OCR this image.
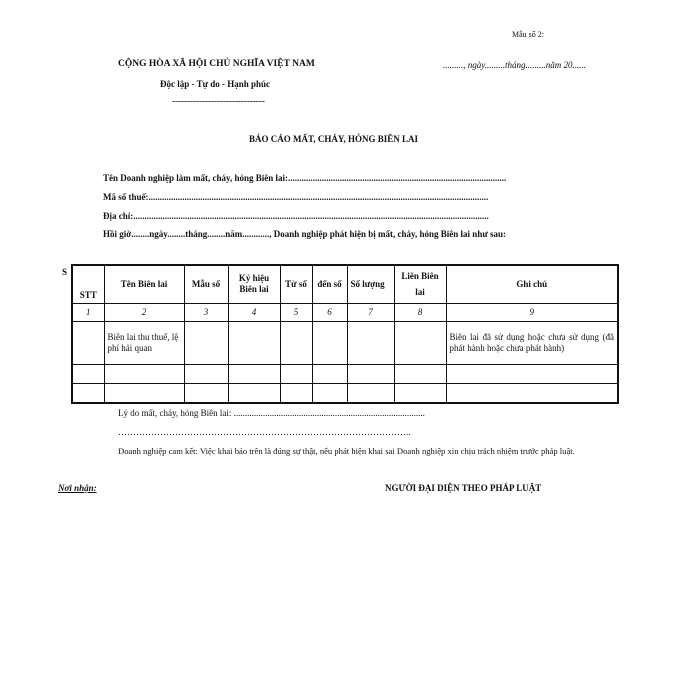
Mẫu số 2:
CỘNG HÒA XÃ HỘI CHỦ NGHĨA VIỆT NAM
Độc lập - Tự do - Hạnh phúc
-------------------------------
........., ngày.........tháng.........năm 20......
BÁO CÁO MẤT, CHÁY, HỎNG BIÊN LAI
Tên Doanh nghiệp làm mất, cháy, hỏng Biên lai:.................................................................................................
Mã số thuế:.......................................................................................................................................................
Địa chỉ:..............................................................................................................................................................
Hồi giờ........ngày........tháng........năm............, Doanh nghiệp phát hiện bị mất, cháy, hỏng Biên lai như sau:
S
STT	Tên Biên lai	Mẫu số	Ký hiệu Biên lai	Từ số	đến số	Số lượng	Liên Biên lai	Ghi chú
1	2	3	4	5	6	7	8	9
	Biên lai thu thuế, lệ phí hải quan							Biên lai đã sử dụng hoặc chưa sử dụng (đã phát hành hoặc chưa phát hành)

Lý do mất, cháy, hỏng Biên lai: .....................................................................................
……………………………………………………………………………………..
Doanh nghiệp cam kết: Việc khai báo trên là đúng sự thật, nếu phát hiện khai sai Doanh nghiệp xin chịu trách nhiệm trước pháp luật.
Nơi nhận:	NGƯỜI ĐẠI DIỆN THEO PHÁP LUẬT
